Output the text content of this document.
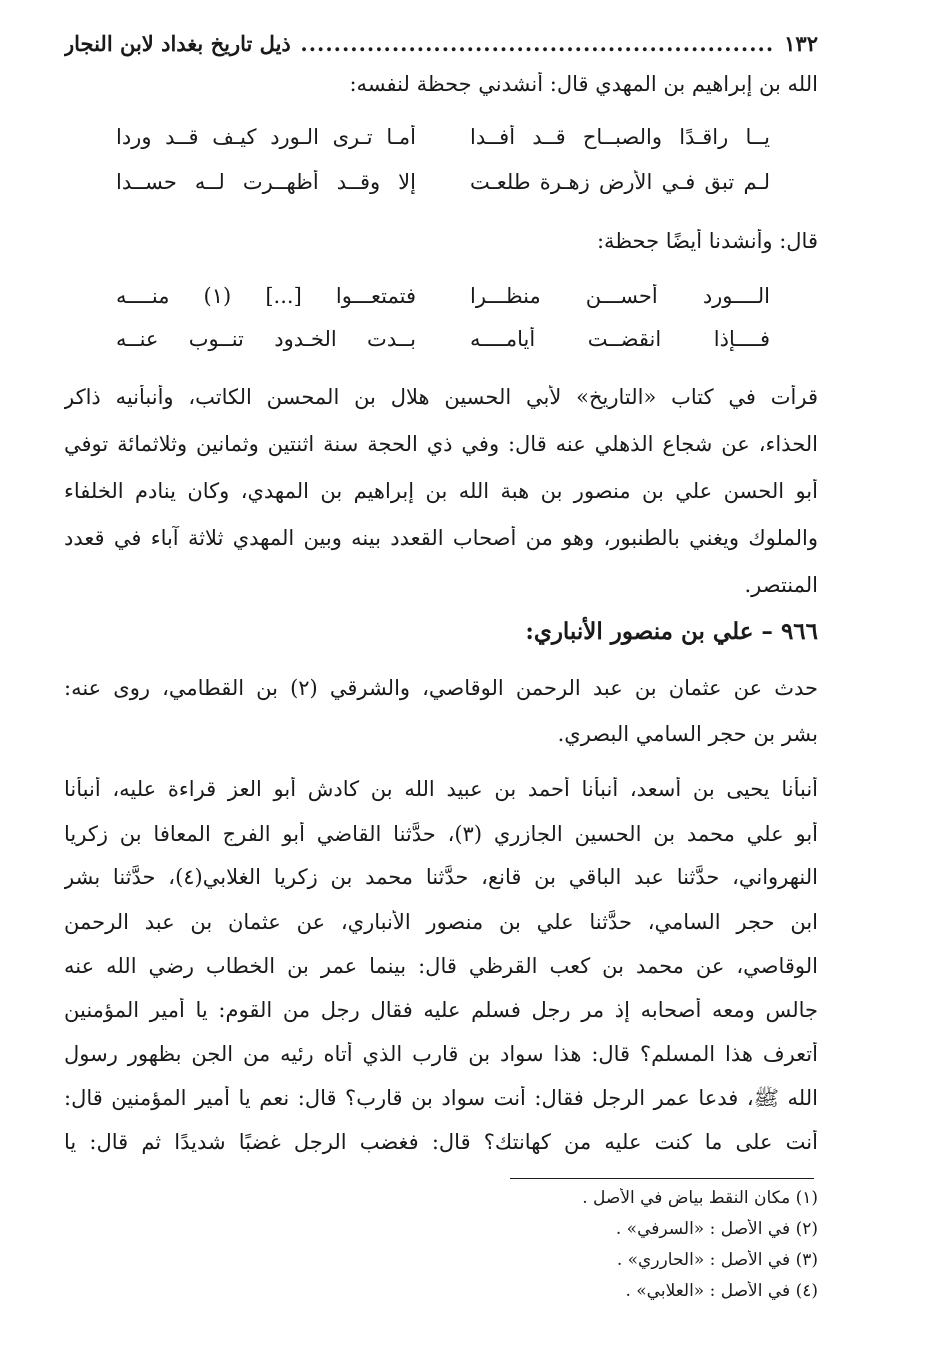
١٣٢
.....
ذيل تاريخ بغداد لابن النجار
الله بن إبراهيم بن المهدي قال: أنشدني جحظة لنفسه:
يــا راقـدًا والصبــاح قــد أفــدا
أمـا تـرى الـورد كيـف قــد وردا
لـم تبق فـي الأرض زهـرة طلعـت
إلا وقــد أظهــرت لــه حســدا
قال: وأنشدنا أيضًا جحظة:
الــــورد أحســـن منظـــرا
فتمتعـــوا [...] (١) منــــه
فــــإذا انقضــت أيامــــه
بــدت الخـدود تنــوب عنــه
قرأت في كتاب «التاريخ» لأبي الحسين هلال بن المحسن الكاتب، وأنبأنيه ذاكر
الحذاء، عن شجاع الذهلي عنه قال: وفي ذي الحجة سنة اثنتين وثمانين وثلاثمائة توفي
أبو الحسن علي بن منصور بن هبة الله بن إبراهيم بن المهدي، وكان ينادم الخلفاء
والملوك ويغني بالطنبور، وهو من أصحاب القعدد بينه وبين المهدي ثلاثة آباء في قعدد
المنتصر.
٩٦٦ – علي بن منصور الأنباري:
حدث عن عثمان بن عبد الرحمن الوقاصي، والشرقي (٢) بن القطامي، روى عنه:
بشر بن حجر السامي البصري.
أنبأنا يحيى بن أسعد، أنبأنا أحمد بن عبيد الله بن كادش أبو العز قراءة عليه، أنبأنا
أبو علي محمد بن الحسين الجازري (٣)، حدَّثنا القاضي أبو الفرج المعافا بن زكريا
النهرواني، حدَّثنا عبد الباقي بن قانع، حدَّثنا محمد بن زكريا الغلابي(٤)، حدَّثنا بشر
ابن حجر السامي، حدَّثنا علي بن منصور الأنباري، عن عثمان بن عبد الرحمن
الوقاصي، عن محمد بن كعب القرظي قال: بينما عمر بن الخطاب رضي الله عنه
جالس ومعه أصحابه إذ مر رجل فسلم عليه فقال رجل من القوم: يا أمير المؤمنين
أتعرف هذا المسلم؟ قال: هذا سواد بن قارب الذي أتاه رئيه من الجن بظهور رسول
الله ﷺ، فدعا عمر الرجل فقال: أنت سواد بن قارب؟ قال: نعم يا أمير المؤمنين قال:
أنت على ما كنت عليه من كهانتك؟ قال: فغضب الرجل غضبًا شديدًا ثم قال: يا
(١) مكان النقط بياض في الأصل .
(٢) في الأصل : «السرفي» .
(٣) في الأصل : «الحارري» .
(٤) في الأصل : «العلابي» .
